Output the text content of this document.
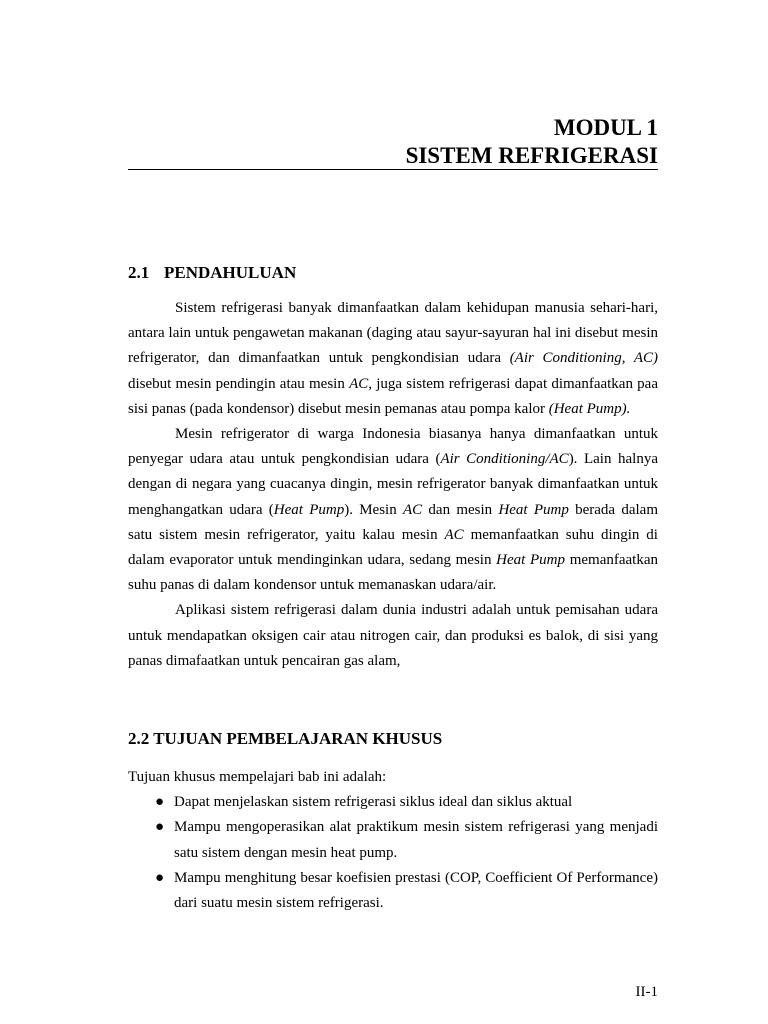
MODUL 1
SISTEM REFRIGERASI
2.1 PENDAHULUAN

Sistem refrigerasi banyak dimanfaatkan dalam kehidupan manusia sehari-hari, antara lain untuk pengawetan makanan (daging atau sayur-sayuran hal ini disebut mesin refrigerator, dan dimanfaatkan untuk pengkondisian udara (Air Conditioning, AC) disebut mesin pendingin atau mesin AC, juga sistem refrigerasi dapat dimanfaatkan paa sisi panas (pada kondensor) disebut mesin pemanas atau pompa kalor (Heat Pump).

Mesin refrigerator di warga Indonesia biasanya hanya dimanfaatkan untuk penyegar udara atau untuk pengkondisian udara (Air Conditioning/AC). Lain halnya dengan di negara yang cuacanya dingin, mesin refrigerator banyak dimanfaatkan untuk menghangatkan udara (Heat Pump). Mesin AC dan mesin Heat Pump berada dalam satu sistem mesin refrigerator, yaitu kalau mesin AC memanfaatkan suhu dingin di dalam evaporator untuk mendinginkan udara, sedang mesin Heat Pump memanfaatkan suhu panas di dalam kondensor untuk memanaskan udara/air.

Aplikasi sistem refrigerasi dalam dunia industri adalah untuk pemisahan udara untuk mendapatkan oksigen cair atau nitrogen cair, dan produksi es balok, di sisi yang panas dimafaatkan untuk pencairan gas alam,

2.2 TUJUAN PEMBELAJARAN KHUSUS

Tujuan khusus mempelajari bab ini adalah:

● Dapat menjelaskan sistem refrigerasi siklus ideal dan siklus aktual
● Mampu mengoperasikan alat praktikum mesin sistem refrigerasi yang menjadi satu sistem dengan mesin heat pump.
● Mampu menghitung besar koefisien prestasi (COP, Coefficient Of Performance) dari suatu mesin sistem refrigerasi.
II-1
